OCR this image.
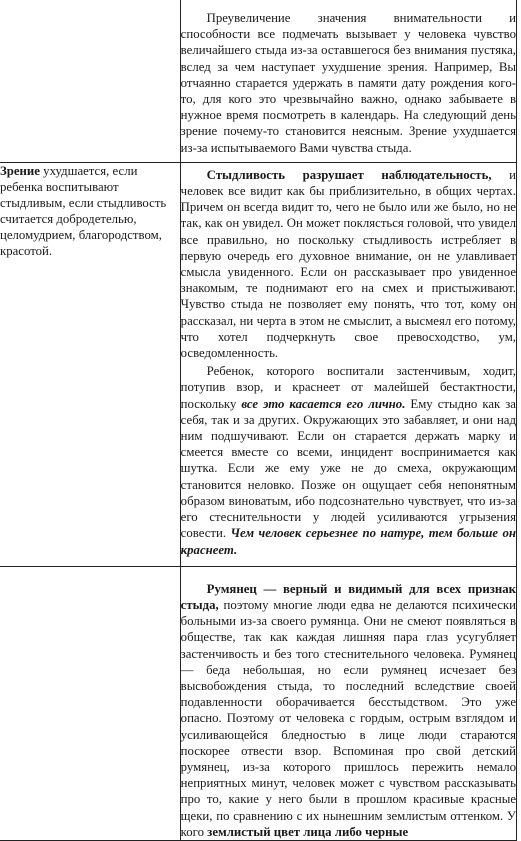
	Преувеличение значения внимательности и способности все подмечать вызывает у человека чувство величайшего стыда из-за оставшегося без внимания пустяка, вслед за чем наступает ухудшение зрения. Например, Вы отчаянно старается удержать в памяти дату рождения кого-то, для кого это чрезвычайно важно, однако забываете в нужное время посмотреть в календарь. На следующий день зрение почему-то становится неясным. Зрение ухудшается из-за испытываемого Вами чувства стыда.

Зрение ухудшается, если ребенка воспитывают стыдливым, если стыдливость считается добродетелью, целомудрием, благородством, красотой.	Стыдливость разрушает наблюдательность, и человек все видит как бы приблизительно, в общих чертах. Причем он всегда видит то, чего не было или же было, но не так, как он увидел. Он может поклясться головой, что увидел все правильно, но поскольку стыдливость истребляет в первую очередь его духовное внимание, он не улавливает смысла увиденного. Если он рассказывает про увиденное знакомым, те поднимают его на смех и пристыживают. Чувство стыда не позволяет ему понять, что тот, кому он рассказал, ни черта в этом не смыслит, а высмеял его потому, что хотел подчеркнуть свое превосходство, ум, осведомленность.

Ребенок, которого воспитали застенчивым, ходит, потупив взор, и краснеет от малейшей бестактности, поскольку все это касается его лично. Ему стыдно как за себя, так и за других. Окружающих это забавляет, и они над ним подшучивают. Если он старается держать марку и смеется вместе со всеми, инцидент воспринимается как шутка. Если же ему уже не до смеха, окружающим становится неловко. Позже он ощущает себя непонятным образом виноватым, ибо подсознательно чувствует, что из-за его стеснительности у людей усиливаются угрызения совести. Чем человек серьезнее по натуре, тем больше он краснеет.

	Румянец — верный и видимый для всех признак стыда, поэтому многие люди едва не делаются психически больными из-за своего румянца. Они не смеют появляться в обществе, так как каждая лишняя пара глаз усугубляет застенчивость и без того стеснительного человека. Румянец — беда небольшая, но если румянец исчезает без высвобождения стыда, то последний вследствие своей подавленности оборачивается бесстыдством. Это уже опасно. Поэтому от человека с гордым, острым взглядом и усиливающейся бледностью в лице люди стараются поскорее отвести взор. Вспоминая про свой детский румянец, из-за которого пришлось пережить немало неприятных минут, человек может с чувством рассказывать про то, какие у него были в прошлом красивые красные щеки, по сравнению с их нынешним землистым оттенком. У кого землистый цвет лица либо черные
